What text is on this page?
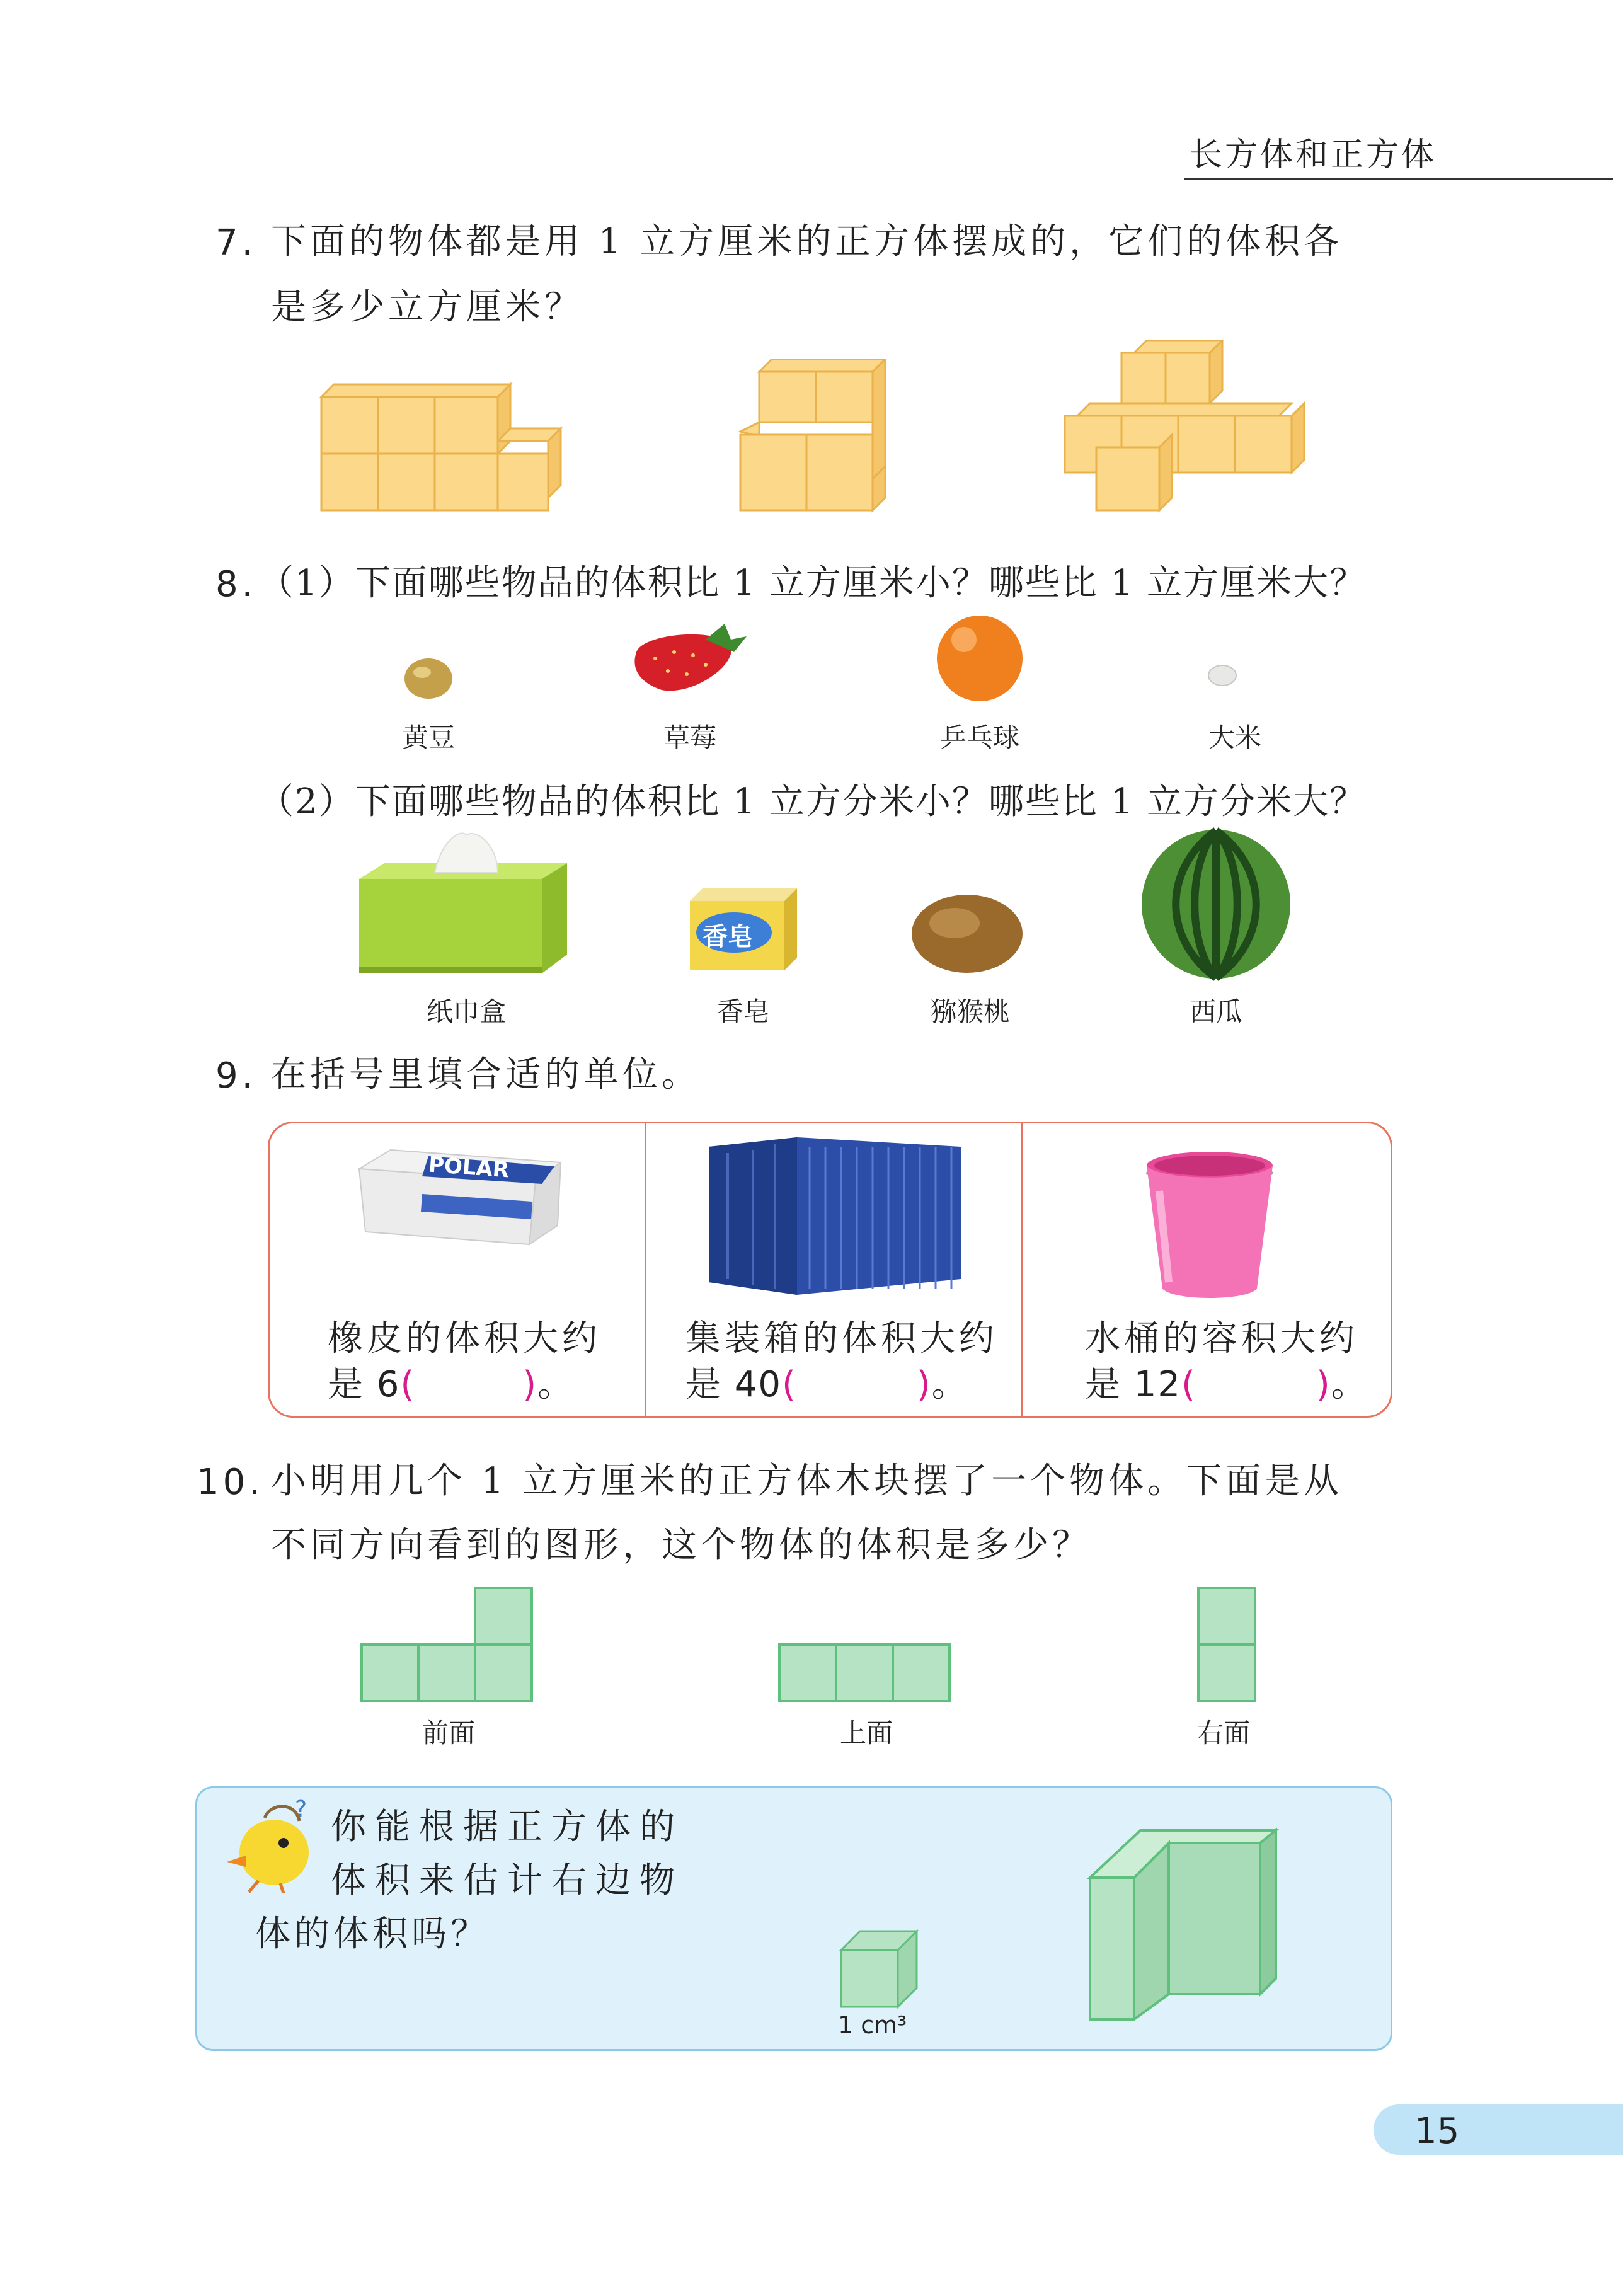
长方体和正方体
7. 下面的物体都是用 1 立方厘米的正方体摆成的，它们的体积各
是多少立方厘米？
8. （1）下面哪些物品的体积比 1 立方厘米小？哪些比 1 立方厘米大？
黄豆	草莓	乒乓球	大米
（2）下面哪些物品的体积比 1 立方分米小？哪些比 1 立方分米大？
香皂
纸巾盒	香皂	猕猴桃	西瓜
9. 在括号里填合适的单位。
POLAR
橡皮的体积大约
是 6(	)。
集装箱的体积大约
是 40(	)。
水桶的容积大约
是 12(	)。
10. 小明用几个 1 立方厘米的正方体木块摆了一个物体。下面是从
不同方向看到的图形，这个物体的体积是多少？
前面	上面	右面
? 你能根据正方体的
体积来估计右边物
体的体积吗？
1 cm³
15
